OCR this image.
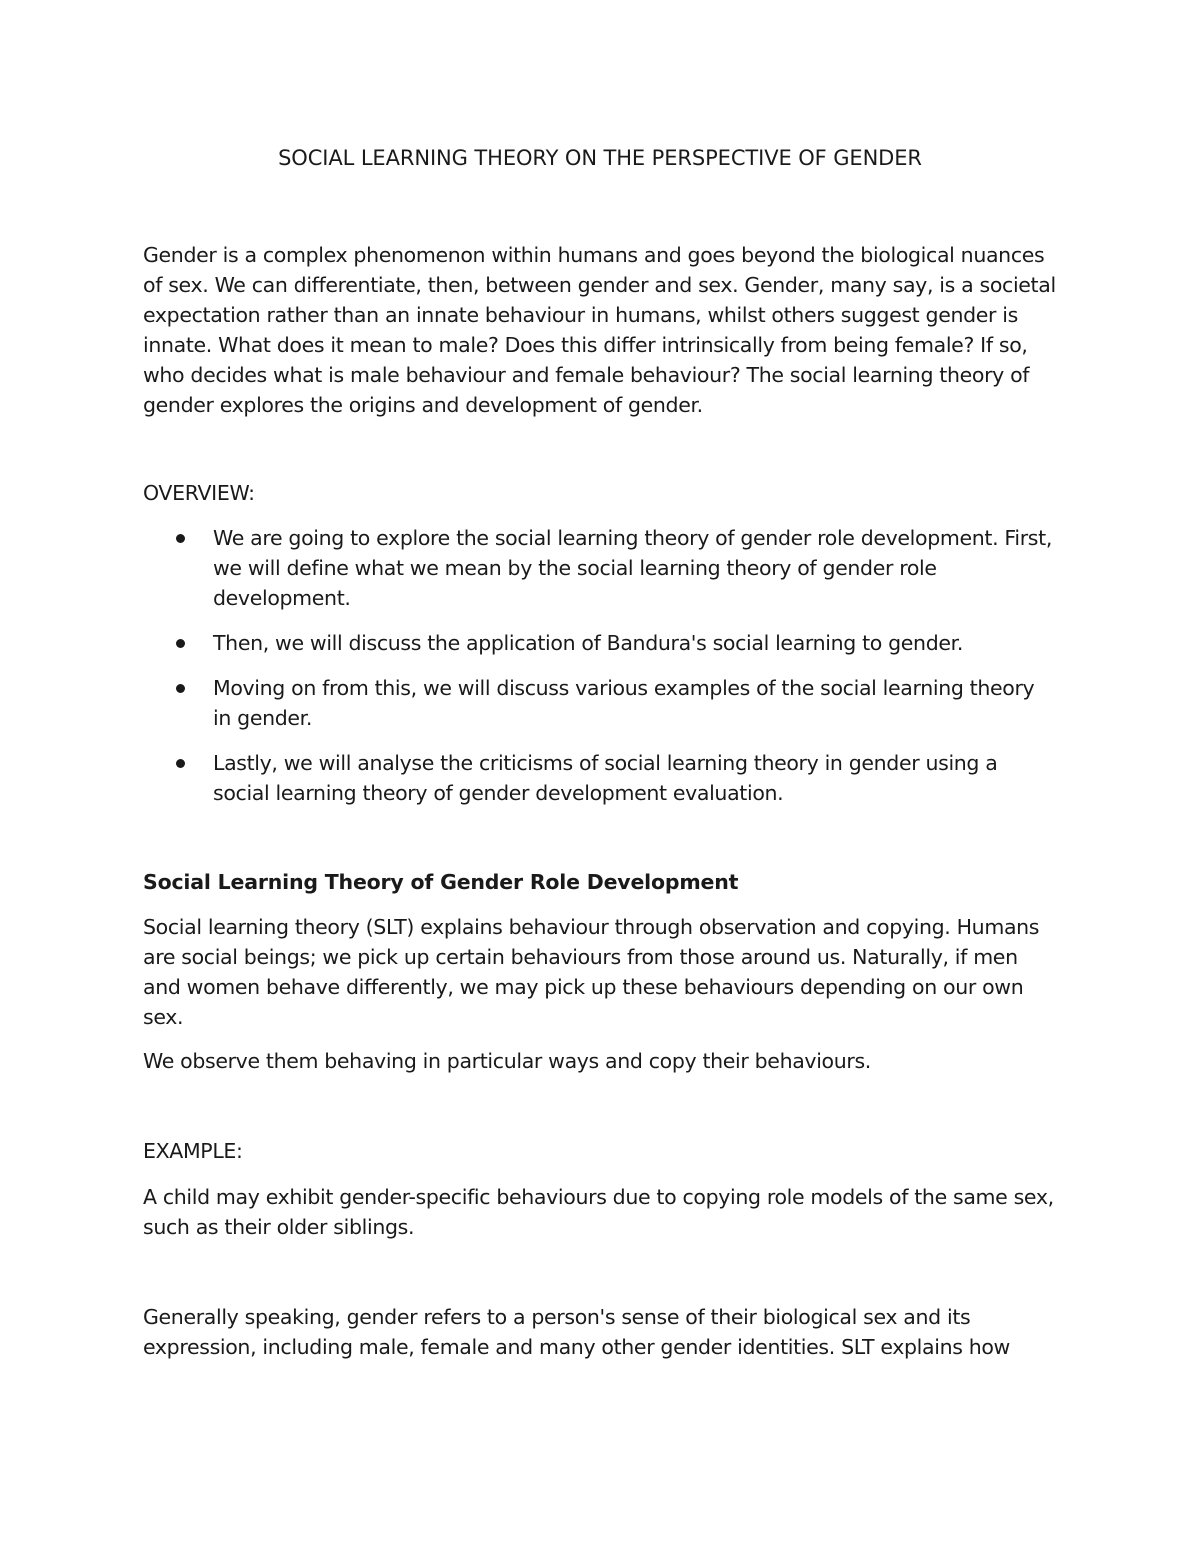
SOCIAL LEARNING THEORY ON THE PERSPECTIVE OF GENDER

Gender is a complex phenomenon within humans and goes beyond the biological nuances of sex. We can differentiate, then, between gender and sex. Gender, many say, is a societal expectation rather than an innate behaviour in humans, whilst others suggest gender is innate. What does it mean to male? Does this differ intrinsically from being female? If so, who decides what is male behaviour and female behaviour? The social learning theory of gender explores the origins and development of gender.

OVERVIEW:

We are going to explore the social learning theory of gender role development. First, we will define what we mean by the social learning theory of gender role development.
Then, we will discuss the application of Bandura's social learning to gender.
Moving on from this, we will discuss various examples of the social learning theory in gender.
Lastly, we will analyse the criticisms of social learning theory in gender using a social learning theory of gender development evaluation.
Social Learning Theory of Gender Role Development

Social learning theory (SLT) explains behaviour through observation and copying. Humans are social beings; we pick up certain behaviours from those around us. Naturally, if men and women behave differently, we may pick up these behaviours depending on our own sex.

We observe them behaving in particular ways and copy their behaviours.

EXAMPLE:

A child may exhibit gender-specific behaviours due to copying role models of the same sex, such as their older siblings.

Generally speaking, gender refers to a person's sense of their biological sex and its expression, including male, female and many other gender identities. SLT explains how
